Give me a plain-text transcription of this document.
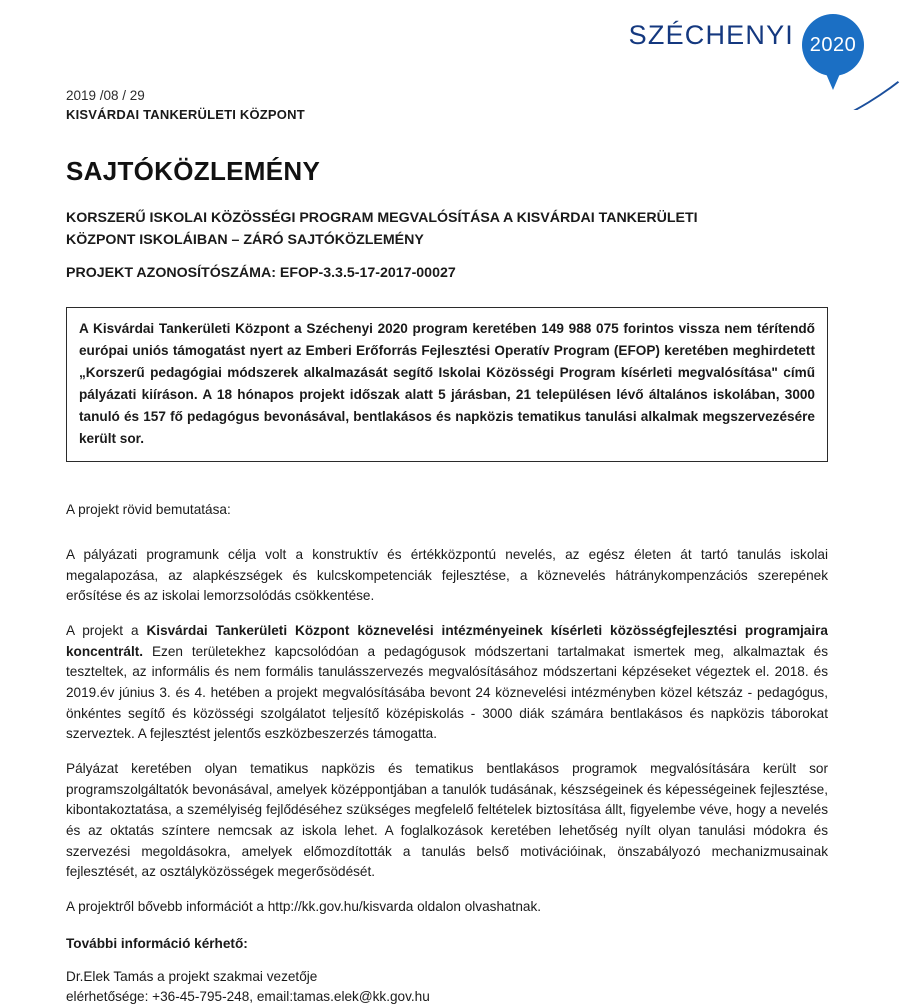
SZÉCHENYI 2020

2019 /08 / 29

KISVÁRDAI TANKERÜLETI KÖZPONT

SAJTÓKÖZLEMÉNY

KORSZERŰ ISKOLAI KÖZÖSSÉGI PROGRAM MEGVALÓSÍTÁSA A KISVÁRDAI TANKERÜLETI KÖZPONT ISKOLÁIBAN – ZÁRÓ SAJTÓKÖZLEMÉNY

PROJEKT AZONOSÍTÓSZÁMA: EFOP-3.3.5-17-2017-00027

A Kisvárdai Tankerületi Központ a Széchenyi 2020 program keretében 149 988 075 forintos vissza nem térítendő európai uniós támogatást nyert az Emberi Erőforrás Fejlesztési Operatív Program (EFOP) keretében meghirdetett „Korszerű pedagógiai módszerek alkalmazását segítő Iskolai Közösségi Program kísérleti megvalósítása" című pályázati kiíráson. A 18 hónapos projekt időszak alatt 5 járásban, 21 településen lévő általános iskolában, 3000 tanuló és 157 fő pedagógus bevonásával, bentlakásos és napközis tematikus tanulási alkalmak megszervezésére került sor.

A projekt rövid bemutatása:

A pályázati programunk célja volt a konstruktív és értékközpontú nevelés, az egész életen át tartó tanulás iskolai megalapozása, az alapkészségek és kulcskompetenciák fejlesztése, a köznevelés hátránykompenzációs szerepének erősítése és az iskolai lemorzsolódás csökkentése.

A projekt a Kisvárdai Tankerületi Központ köznevelési intézményeinek kísérleti közösségfejlesztési programjaira koncentrált. Ezen területekhez kapcsolódóan a pedagógusok módszertani tartalmakat ismertek meg, alkalmaztak és teszteltek, az informális és nem formális tanulásszervezés megvalósításához módszertani képzéseket végeztek el. 2018. és 2019.év június 3. és 4. hetében a projekt megvalósításába bevont 24 köznevelési intézményben közel kétszáz - pedagógus, önkéntes segítő és közösségi szolgálatot teljesítő középiskolás - 3000 diák számára bentlakásos és napközis táborokat szerveztek. A fejlesztést jelentős eszközbeszerzés támogatta.

Pályázat keretében olyan tematikus napközis és tematikus bentlakásos programok megvalósítására került sor programszolgáltatók bevonásával, amelyek középpontjában a tanulók tudásának, készségeinek és képességeinek fejlesztése, kibontakoztatása, a személyiség fejlődéséhez szükséges megfelelő feltételek biztosítása állt, figyelembe véve, hogy a nevelés és az oktatás színtere nemcsak az iskola lehet. A foglalkozások keretében lehetőség nyílt olyan tanulási módokra és szervezési megoldásokra, amelyek előmozdították a tanulás belső motivációinak, önszabályozó mechanizmusainak fejlesztését, az osztályközösségek megerősödését.

A projektről bővebb információt a http://kk.gov.hu/kisvarda oldalon olvashatnak.

További információ kérhető:

Dr.Elek Tamás a projekt szakmai vezetője

elérhetősége: +36-45-795-248, email:tamas.elek@kk.gov.hu
